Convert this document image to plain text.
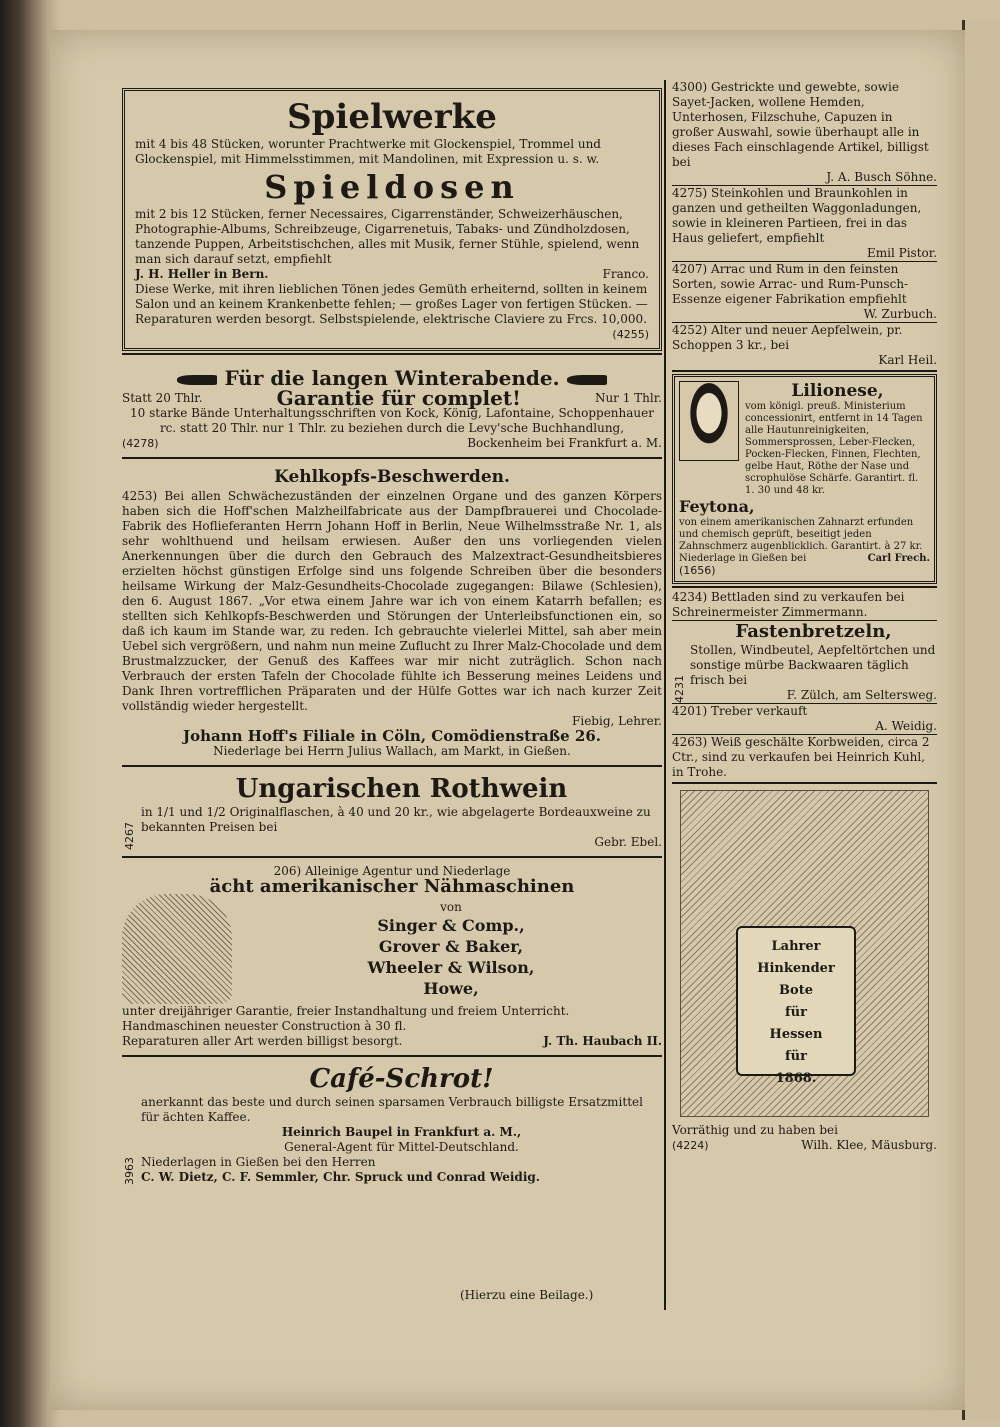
Spielwerke
mit 4 bis 48 Stücken, worunter Prachtwerke mit Glockenspiel, Trommel und Glockenspiel, mit Himmelsstimmen, mit Mandolinen, mit Expression u. s. w.
Spieldosen
mit 2 bis 12 Stücken, ferner Necessaires, Cigarrenständer, Schweizerhäuschen, Photographie-Albums, Schreibzeuge, Cigarrenetuis, Tabaks- und Zündholzdosen, tanzende Puppen, Arbeitstischchen, alles mit Musik, ferner Stühle, spielend, wenn man sich darauf setzt, empfiehlt
J. H. Heller in Bern.	Franco.
Diese Werke, mit ihren lieblichen Tönen jedes Gemüth erheiternd, sollten in keinem Salon und an keinem Krankenbette fehlen; — großes Lager von fertigen Stücken. — Reparaturen werden besorgt. Selbstspielende, elektrische Claviere zu Frcs. 10,000.
(4255)
Für die langen Winterabende.
Statt 20 Thlr.	Garantie für complet!	Nur 1 Thlr.
10 starke Bände Unterhaltungsschriften von Kock, König, Lafontaine, Schoppenhauer rc. statt 20 Thlr. nur 1 Thlr. zu beziehen durch die Levy'sche Buchhandlung,
(4278)	Bockenheim bei Frankfurt a. M.
Kehlkopfs-Beschwerden.
4253) Bei allen Schwächezuständen der einzelnen Organe und des ganzen Körpers haben sich die Hoff'schen Malzheilfabricate aus der Dampfbrauerei und Chocolade-Fabrik des Hoflieferanten Herrn Johann Hoff in Berlin, Neue Wilhelmsstraße Nr. 1, als sehr wohlthuend und heilsam erwiesen. Außer den uns vorliegenden vielen Anerkennungen über die durch den Gebrauch des Malzextract-Gesundheitsbieres erzielten höchst günstigen Erfolge sind uns folgende Schreiben über die besonders heilsame Wirkung der Malz-Gesundheits-Chocolade zugegangen: Bilawe (Schlesien), den 6. August 1867. „Vor etwa einem Jahre war ich von einem Katarrh befallen; es stellten sich Kehlkopfs-Beschwerden und Störungen der Unterleibsfunctionen ein, so daß ich kaum im Stande war, zu reden. Ich gebrauchte vielerlei Mittel, sah aber mein Uebel sich vergrößern, und nahm nun meine Zuflucht zu Ihrer Malz-Chocolade und dem Brustmalzzucker, der Genuß des Kaffees war mir nicht zuträglich. Schon nach Verbrauch der ersten Tafeln der Chocolade fühlte ich Besserung meines Leidens und Dank Ihren vortrefflichen Präparaten und der Hülfe Gottes war ich nach kurzer Zeit vollständig wieder hergestellt.
Fiebig, Lehrer.
Johann Hoff's Filiale in Cöln, Comödienstraße 26.
Niederlage bei Herrn Julius Wallach, am Markt, in Gießen.
4267
Ungarischen Rothwein
in 1/1 und 1/2 Originalflaschen, à 40 und 20 kr., wie abgelagerte Bordeauxweine zu bekannten Preisen bei
Gebr. Ebel.
206) Alleinige Agentur und Niederlage
ächt amerikanischer Nähmaschinen
von
Singer & Comp.,
Grover & Baker,
Wheeler & Wilson,
Howe,
unter dreijähriger Garantie, freier Instandhaltung und freiem Unterricht.
Handmaschinen neuester Construction à 30 fl.
Reparaturen aller Art werden billigst besorgt.	J. Th. Haubach II.
3963
Café-Schrot!
anerkannt das beste und durch seinen sparsamen Verbrauch billigste Ersatzmittel für ächten Kaffee.
Heinrich Baupel in Frankfurt a. M.,
General-Agent für Mittel-Deutschland.
Niederlagen in Gießen bei den Herren
C. W. Dietz, C. F. Semmler, Chr. Spruck und Conrad Weidig.
4300) Gestrickte und gewebte, sowie Sayet-Jacken, wollene Hemden, Unterhosen, Filzschuhe, Capuzen in großer Auswahl, sowie überhaupt alle in dieses Fach einschlagende Artikel, billigst bei
J. A. Busch Söhne.
4275) Steinkohlen und Braunkohlen in ganzen und getheilten Waggonladungen, sowie in kleineren Partieen, frei in das Haus geliefert, empfiehlt
Emil Pistor.
4207) Arrac und Rum in den feinsten Sorten, sowie Arrac- und Rum-Punsch-Essenze eigener Fabrikation empfiehlt
W. Zurbuch.
4252) Alter und neuer Aepfelwein, pr. Schoppen 3 kr., bei
Karl Heil.
Lilionese,
vom königl. preuß. Ministerium concessionirt, entfernt in 14 Tagen alle Hautunreinigkeiten, Sommersprossen, Leber-Flecken, Pocken-Flecken, Finnen, Flechten, gelbe Haut, Röthe der Nase und scrophulöse Schärfe. Garantirt. fl. 1. 30 und 48 kr.
Feytona,
von einem amerikanischen Zahnarzt erfunden und chemisch geprüft, beseitigt jeden Zahnschmerz augenblicklich. Garantirt. à 27 kr.
Niederlage in Gießen bei	Carl Frech.
(1656)
4234) Bettladen sind zu verkaufen bei Schreinermeister Zimmermann.
4231
Fastenbretzeln,
Stollen, Windbeutel, Aepfeltörtchen und sonstige mürbe Backwaaren täglich frisch bei
F. Zülch, am Seltersweg.
4201) Treber verkauft
A. Weidig.
4263) Weiß geschälte Korbweiden, circa 2 Ctr., sind zu verkaufen bei Heinrich Kuhl, in Trohe.
Lahrer
Hinkender Bote
für
Hessen
für
1868.
Vorräthig und zu haben bei
(4224)	Wilh. Klee, Mäusburg.
(Hierzu eine Beilage.)
